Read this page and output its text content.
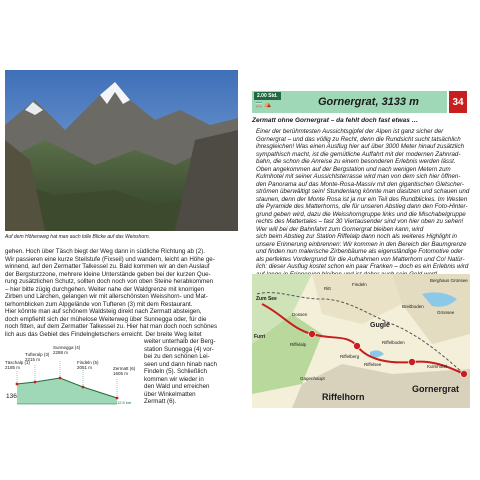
Auf dem Höhenweg hat man auch tolle Blicke auf das Weisshorn.
gehen. Hoch über Täsch biegt der Weg dann in südliche Richtung ab (2).
Wir passieren eine kurze Steilstufe (Fixseil) und wandern, leicht an Höhe ge-
winnend, auf den Zermatter Talkessel zu. Bald kommen wir an den Auslauf
der Bergsturzzone, mehrere kleine Unterstände geben bei der kurzen Que-
rung zusätzlichen Schutz, sollten doch noch von oben Steine herabkommen
– hier bitte zügig durchgehen. Weiter nahe der Waldgrenze mit knorrigen
Zirben und Lärchen, gelangen wir mit allerschönsten Weisshorn- und Mat-
terhornblicken zum Alpgelände von Tufteren (3) mit dem Restaurant.
Hier könnte man auf schönem Waldsteig direkt nach Zermatt absteigen,
doch empfiehlt sich der mühelose Weiterweg über Sunnegga oder, für die
noch fitten, auf dem Zermatter Talkessel zu. Hier hat man doch noch schönes
lich aus das Gebiet des Findelngletschers erreicht. Der breite Weg leitet
weiter unterhalb der Berg-
station Sunnegga (4) vor-
bei zu den schönen Lei-
seen und dann hinab nach
Findeln (5). Schließlich
kommen wir wieder in
den Wald und erreichen
über Winkelmatten
Zermatt (6).
Täschalp (1)
2185 m
Tufteralp (3)
2215 m
Sunnegga (4)
2288 m
Findeln (5)
2051 m	Zermatt (6)
1605 m
12.5 km
136
2.00 Std.
🚃 ⛺	Gornergrat, 3133 m	34
Zermatt ohne Gornergrat – da fehlt doch fast etwas …
Einer der berühmtesten Aussichtsgipfel der Alpen ist ganz sicher der
Gornergrat – und das völlig zu Recht, denn die Rundsicht sucht tatsächlich
ihresgleichen! Was einen Ausflug hier auf über 3000 Meter hinauf zusätzlich
sympathisch macht, ist die gemütliche Auffahrt mit der modernen Zahnrad-
bahn, die schon die Anreise zu einem besonderen Erlebnis werden lässt.
Oben angekommen auf der Bergstation und nach wenigen Metern zum
Kulmhotel mit seiner Aussichtsterrasse wird man von dem sich hier öffnen-
den Panorama auf das Monte-Rosa-Massiv mit den gigantischen Gletscher-
strömen überwältigt sein! Stundenlang könnte man dasitzen und schauen und
staunen, denn der Monte Rosa ist ja nur ein Teil des Rundblickes. Im Westen
die Pyramide des Matterhorns, die für unseren Abstieg dann den Foto-Hinter-
grund geben wird, dazu die Weisshorngruppe links und die Mischabelgruppe
rechts des Mattertales – fast 30 Viertausender sind von hier oben zu sehen!
Wer will bei der Bahnfahrt zum Gornergrat bleiben kann, wird
sich beim Abstieg zur Station Riffelalp dann noch als weiteres Highlight in
unsere Erinnerung einbrennen: Wir kommen in den Bereich der Baumgrenze
und finden nun malerische Zirbenbäume als eigenständige Fotomotive oder
als perfektes Vordergrund für die Aufnahmen von Matterhorn und Co! Natür-
lich: dieser Ausflug kostet schon ein paar Franken – doch es ein Erlebnis wird
Zum See
Furri
Gugle
Riffelhorn
Gornergrat
Riffelalp
Riffelberg
Kulmhotel
Gagenhaupt
Riffelsee
Grünsee
Berghaus Grünsee
Findeln
Dossen
Ritt
Riffelboden
Breitboden
